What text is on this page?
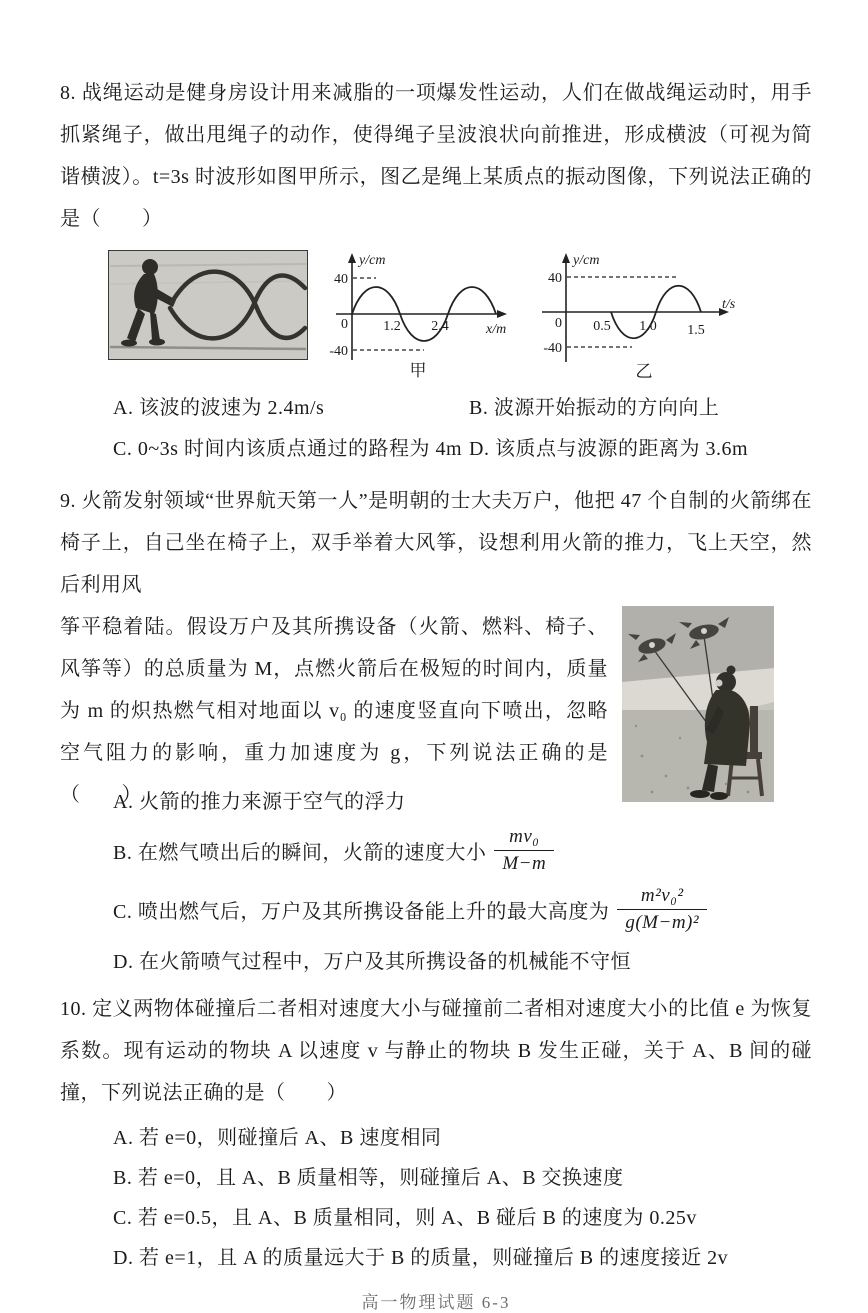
8. 战绳运动是健身房设计用来减脂的一项爆发性运动，人们在做战绳运动时，用手抓紧绳子，做出甩绳子的动作，使得绳子呈波浪状向前推进，形成横波（可视为简谐横波）。t=3s 时波形如图甲所示，图乙是绳上某质点的振动图像，下列说法正确的是（　　）

y/cm
40
0
-40
1.2 2.4	x/m
甲
y/cm
40
0
-40
0.5 1.0 1.5
t/s
乙
A. 该波的波速为 2.4m/s	B. 波源开始振动的方向向上
C. 0~3s 时间内该质点通过的路程为 4m D. 该质点与波源的距离为 3.6m

9. 火箭发射领域“世界航天第一人”是明朝的士大夫万户，他把 47 个自制的火箭绑在椅子上，自己坐在椅子上，双手举着大风筝，设想利用火箭的推力，飞上天空，然后利用风

筝平稳着陆。假设万户及其所携设备（火箭、燃料、椅子、风筝等）的总质量为 M，点燃火箭后在极短的时间内，质量为 m 的炽热燃气相对地面以 v₀ 的速度竖直向下喷出，忽略空气阻力的影响，重力加速度为 g，下列说法正确的是（　　）

A. 火箭的推力来源于空气的浮力
B. 在燃气喷出后的瞬间，火箭的速度大小 $\frac{\text{mv₀}}{M-m}$
C. 喷出燃气后，万户及其所携设备能上升的最大高度为 $\frac{\text{m²v₀²}}{\text{g(M−m)²}}$
D. 在火箭喷气过程中，万户及其所携设备的机械能不守恒

10. 定义两物体碰撞后二者相对速度大小与碰撞前二者相对速度大小的比值 e 为恢复系数。现有运动的物块 A 以速度 v 与静止的物块 B 发生正碰，关于 A、B 间的碰撞，下列说法正确的是（　　）

A. 若 e=0，则碰撞后 A、B 速度相同
B. 若 e=0，且 A、B 质量相等，则碰撞后 A、B 交换速度
C. 若 e=0.5，且 A、B 质量相同，则 A、B 碰后 B 的速度为 0.25v
D. 若 e=1，且 A 的质量远大于 B 的质量，则碰撞后 B 的速度接近 2v
高一物理试题 6-3
